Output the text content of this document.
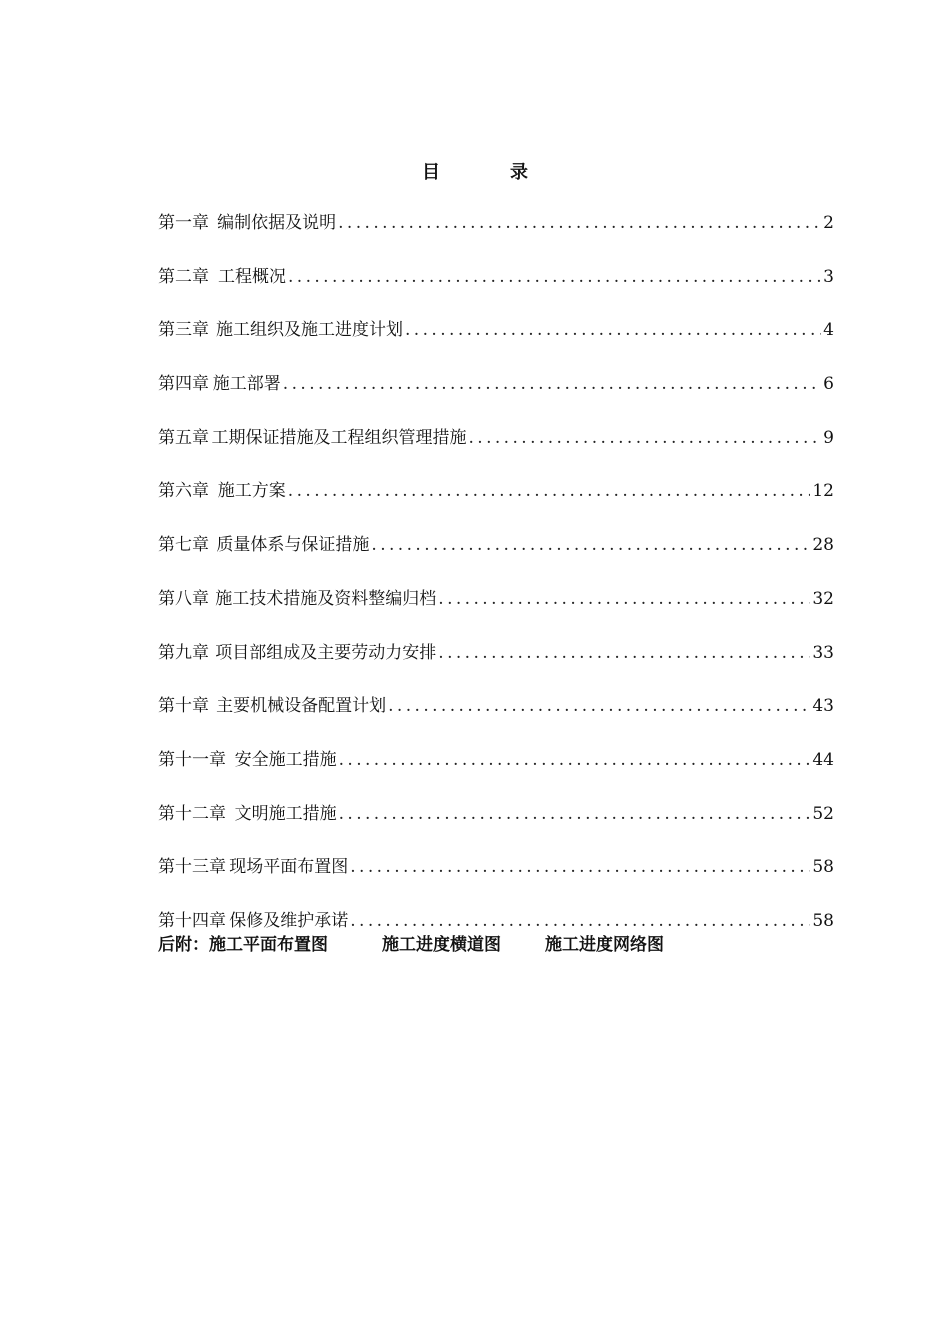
目	录
第一章 编制依据及说明 .....	2
第二章 工程概况 .....	3
第三章 施工组织及施工进度计划 .....	4
第四章 施工部署 .....	6
第五章 工期保证措施及工程组织管理措施 .....	9
第六章 施工方案 .....	12
第七章 质量体系与保证措施 .....	28
第八章 施工技术措施及资料整编归档 .....	32
第九章 项目部组成及主要劳动力安排 .....	33
第十章 主要机械设备配置计划 .....	43
第十一章 安全施工措施 .....	44
第十二章 文明施工措施 .....	52
第十三章 现场平面布置图 .....	58
第十四章 保修及维护承诺 .....	58
后附：施工平面布置图	施工进度横道图	施工进度网络图
